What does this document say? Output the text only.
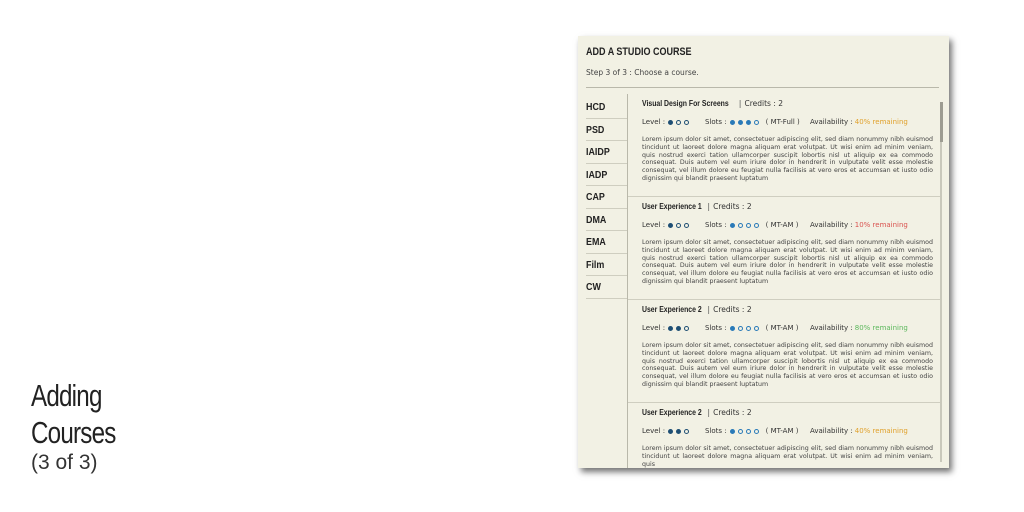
Adding
Courses
(3 of 3)
ADD A STUDIO COURSE
Step 3 of 3 : Choose a course.
HCD
PSD
IAIDP
IADP
CAP
DMA
EMA
Film
CW
Visual Design For Screens | Credits : 2
Level :	Slots :	( MT-Full ) Availability : 40% remaining
Lorem ipsum dolor sit amet, consectetuer adipiscing elit, sed diam nonummy nibh euismod tincidunt ut laoreet dolore magna aliquam erat volutpat. Ut wisi enim ad minim veniam, quis nostrud exerci tation ullamcorper suscipit lobortis nisl ut aliquip ex ea commodo consequat. Duis autem vel eum iriure dolor in hendrerit in vulputate velit esse molestie consequat, vel illum dolore eu feugiat nulla facilisis at vero eros et accumsan et iusto odio dignissim qui blandit praesent luptatum
User Experience 1 | Credits : 2
Level :	Slots :	( MT-AM ) Availability : 10% remaining
Lorem ipsum dolor sit amet, consectetuer adipiscing elit, sed diam nonummy nibh euismod tincidunt ut laoreet dolore magna aliquam erat volutpat. Ut wisi enim ad minim veniam, quis nostrud exerci tation ullamcorper suscipit lobortis nisl ut aliquip ex ea commodo consequat. Duis autem vel eum iriure dolor in hendrerit in vulputate velit esse molestie consequat, vel illum dolore eu feugiat nulla facilisis at vero eros et accumsan et iusto odio dignissim qui blandit praesent luptatum
User Experience 2 | Credits : 2
Level :	Slots :	( MT-AM ) Availability : 80% remaining
Lorem ipsum dolor sit amet, consectetuer adipiscing elit, sed diam nonummy nibh euismod tincidunt ut laoreet dolore magna aliquam erat volutpat. Ut wisi enim ad minim veniam, quis nostrud exerci tation ullamcorper suscipit lobortis nisl ut aliquip ex ea commodo consequat. Duis autem vel eum iriure dolor in hendrerit in vulputate velit esse molestie consequat, vel illum dolore eu feugiat nulla facilisis at vero eros et accumsan et iusto odio dignissim qui blandit praesent luptatum
User Experience 2 | Credits : 2
Level :	Slots :	( MT-AM ) Availability : 40% remaining
Lorem ipsum dolor sit amet, consectetuer adipiscing elit, sed diam nonummy nibh euismod tincidunt ut laoreet dolore magna aliquam erat volutpat. Ut wisi enim ad minim veniam, quis
